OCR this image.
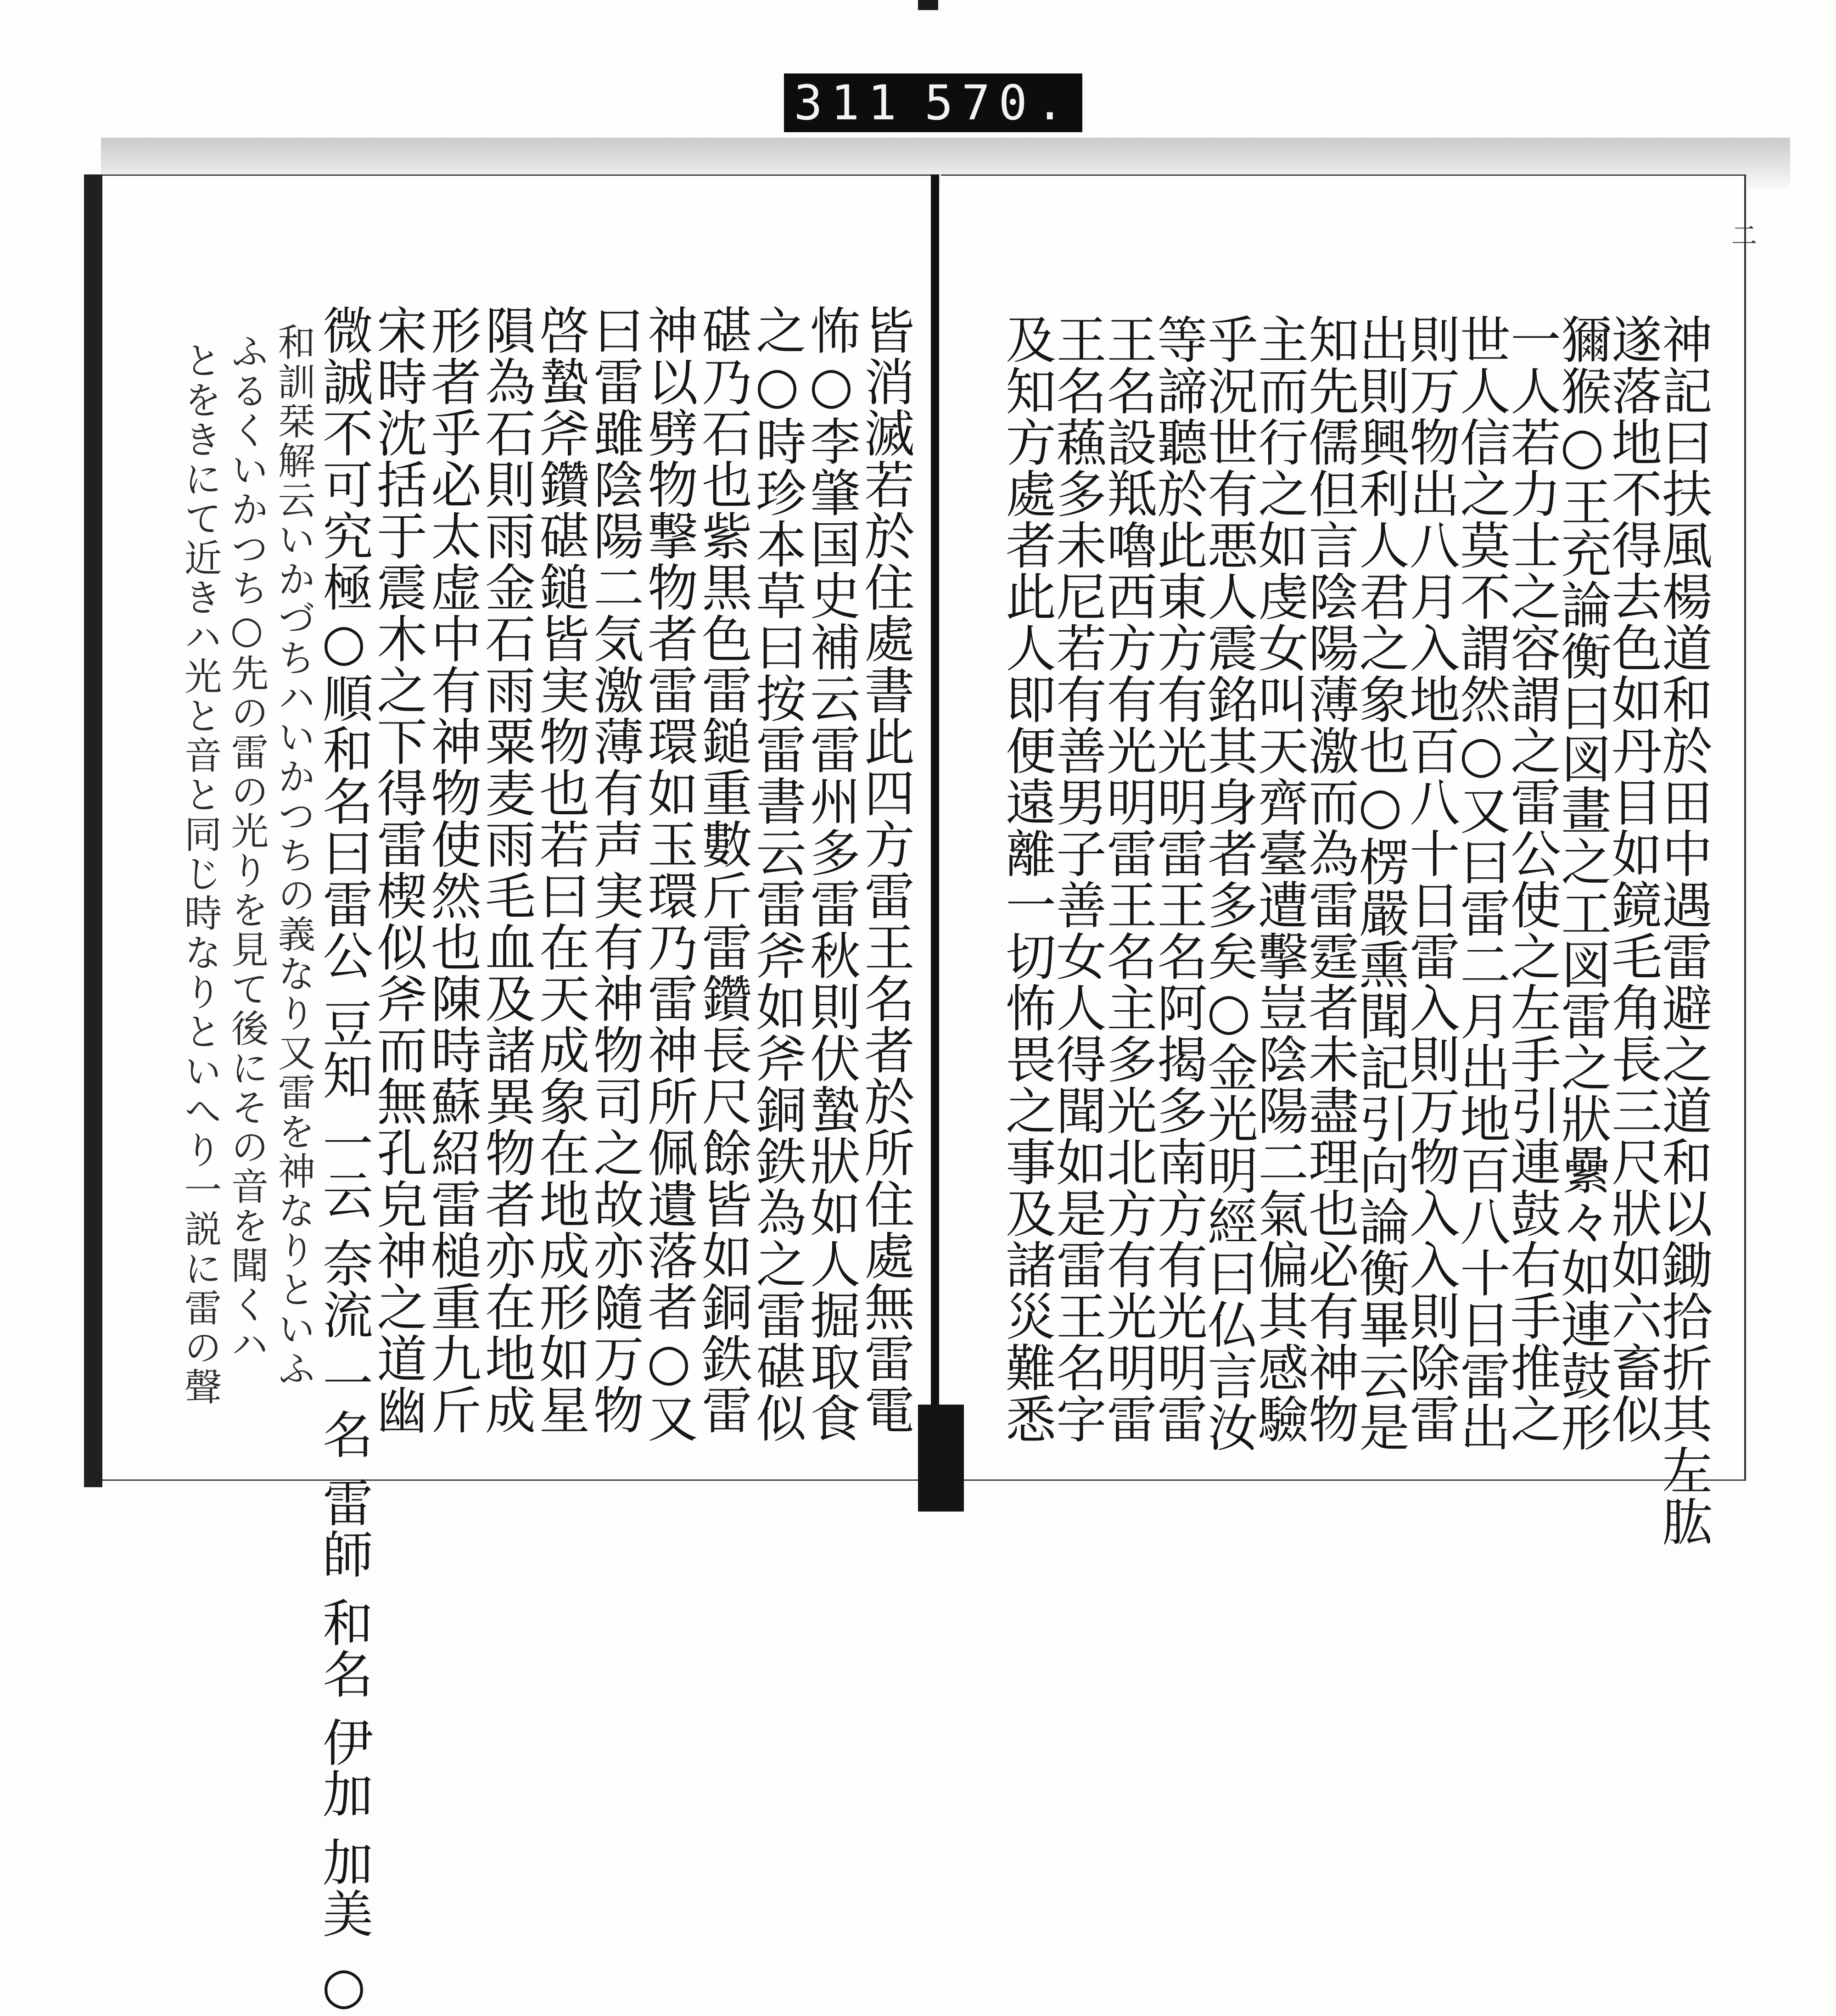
311 570.
皆消滅若於住處書此四方雷王名者於所住處無雷電
怖○李肇国史補云雷州多雷秋則伏蟄狀如人掘取食
之○時珍本草曰按雷書云雷斧如斧銅鉄為之雷碪似
碪乃石也紫黒色雷鎚重數斤雷鑽長尺餘皆如銅鉄雷
神以劈物撃物者雷環如玉環乃雷神所佩遺落者○又
曰雷雖陰陽二気激薄有声実有神物司之故亦隨万物
啓蟄斧鑽碪鎚皆実物也若曰在天成象在地成形如星
隕為石則雨金石雨粟麦雨毛血及諸異物者亦在地成
形者乎必太虚中有神物使然也陳時蘇紹雷槌重九斤
宋時沈括于震木之下得雷楔似斧而無孔皃神之道幽
微誠不可究極○順和名曰雷公 豆知 一云 奈流 一名 雷師 和名 伊加 加美 ○
和訓栞解云いかづちハいかつちの義なり又雷を神なりといふ
ふるくいかつち○先の雷の光りを見て後にその音を聞くハ
とをきにて近きハ光と音と同じ時なりといへり一説に雷の聲	神記曰扶風楊道和於田中遇雷避之道和以鋤拾折其左肱
遂落地不得去色如丹目如鏡毛角長三尺狀如六畜似
獮猴○王充論衡曰図畫之工図雷之狀纍々如連鼓形
一人若力士之容謂之雷公使之左手引連鼓右手推之
世人信之莫不謂然○又曰雷二月出地百八十日雷出
則万物出八月入地百八十日雷入則万物入入則除雷
出則興利人君之象也○楞嚴熏聞記引向論衡畢云是
知先儒但言陰陽薄激而為雷霆者未盡理也必有神物
主而行之如虔女叫天齊臺遭擊豈陰陽二氣偏其感驗
乎況世有悪人震銘其身者多矣○金光明經曰仏言汝
等諦聽於此東方有光明雷王名阿揭多南方有光明雷
王名設羝嚕西方有光明雷王名主多光北方有光明雷
王名蘓多未尼若有善男子善女人得聞如是雷王名字
及知方處者此人即便遠離一切怖畏之事及諸災難悉
二
